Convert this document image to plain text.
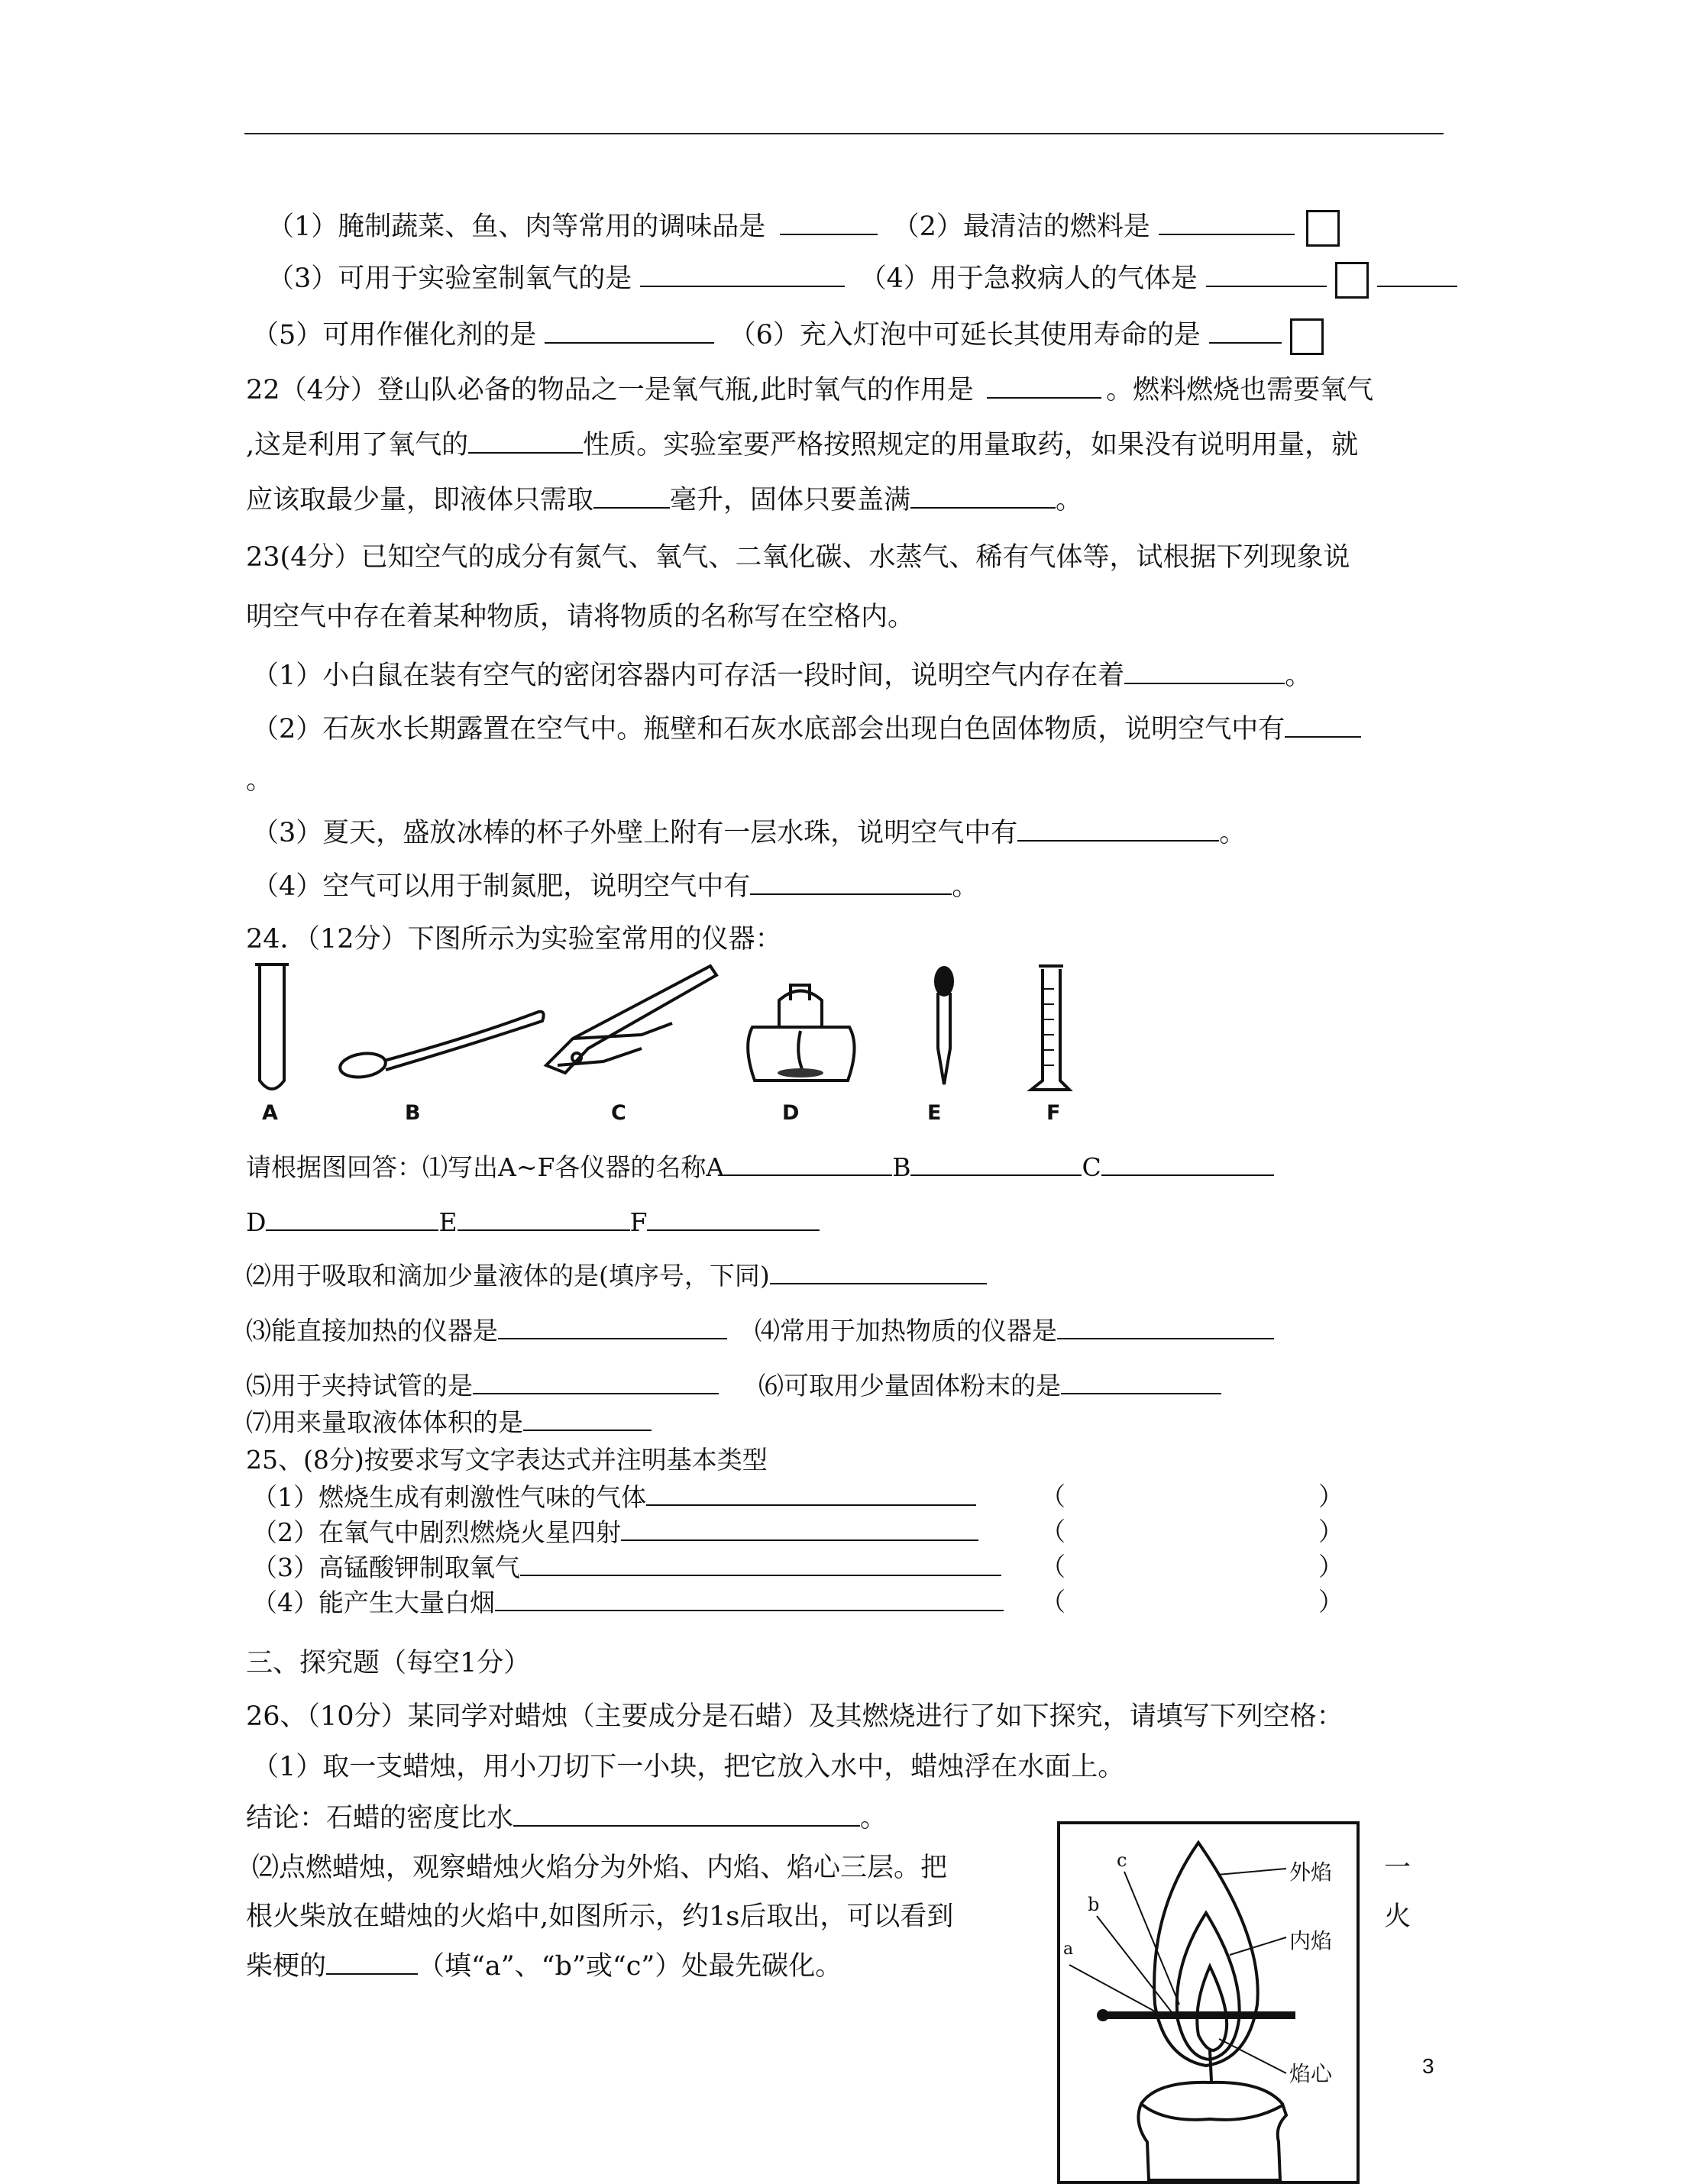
（1）腌制蔬菜、鱼、肉等常用的调味品是	（2）最清洁的燃料是
（3）可用于实验室制氧气的是	（4）用于急救病人的气体是
（5）可用作催化剂的是	（6）充入灯泡中可延长其使用寿命的是
22（4分）登山队必备的物品之一是氧气瓶,此时氧气的作用是	。燃料燃烧也需要氧气
,这是利用了氧气的	性质。实验室要严格按照规定的用量取药，如果没有说明用量，就
应该取最少量，即液体只需取	毫升，固体只要盖满	。
23(4分）已知空气的成分有氮气、氧气、二氧化碳、水蒸气、稀有气体等，试根据下列现象说
明空气中存在着某种物质，请将物质的名称写在空格内。
（1）小白鼠在装有空气的密闭容器内可存活一段时间，说明空气内存在着	。
（2）石灰水长期露置在空气中。瓶壁和石灰水底部会出现白色固体物质，说明空气中有
。
（3）夏天，盛放冰棒的杯子外壁上附有一层水珠，说明空气中有	。
（4）空气可以用于制氮肥，说明空气中有	。
24．（12分）下图所示为实验室常用的仪器：
A	B	C	D	E	F
请根据图回答：⑴写出A~F各仪器的名称A	B	C
D	E	F
⑵用于吸取和滴加少量液体的是(填序号，下同)
⑶能直接加热的仪器是	⑷常用于加热物质的仪器是
⑸用于夹持试管的是	⑹可取用少量固体粉末的是
⑺用来量取液体体积的是
25、(8分)按要求写文字表达式并注明基本类型
（1）燃烧生成有刺激性气味的气体
（2）在氧气中剧烈燃烧火星四射
（3）高锰酸钾制取氧气
（4）能产生大量白烟
（	）
（	）
（	）
（	）
三、探究题（每空1分）
26、（10分）某同学对蜡烛（主要成分是石蜡）及其燃烧进行了如下探究，请填写下列空格：
（1）取一支蜡烛，用小刀切下一小块，把它放入水中，蜡烛浮在水面上。
结论：石蜡的密度比水	。
⑵点燃蜡烛，观察蜡烛火焰分为外焰、内焰、焰心三层。把	一
根火柴放在蜡烛的火焰中,如图所示，约1s后取出，可以看到	火
柴梗的	（填“a”、“b”或“c”）处最先碳化。
外焰
内焰
焰心
c
b
a
3
